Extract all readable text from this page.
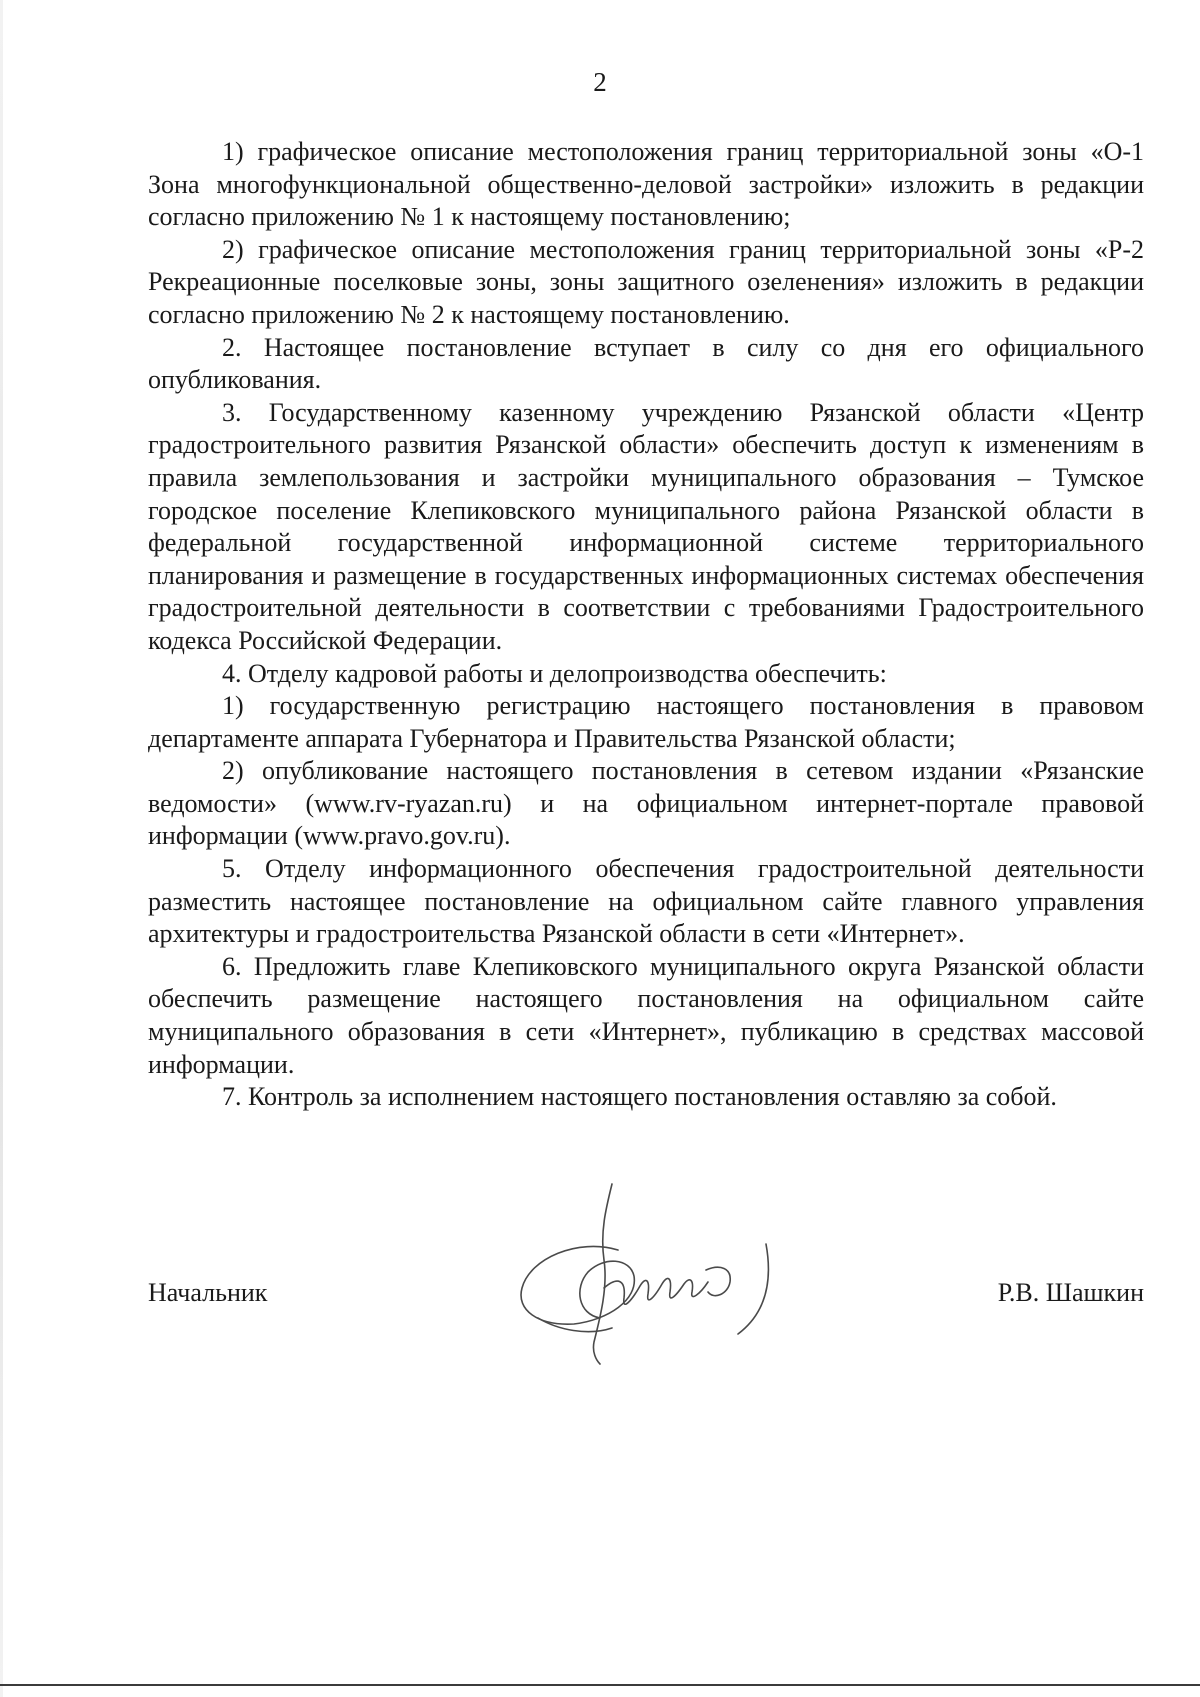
2

1) графическое описание местоположения границ территориальной зоны «О-1 Зона многофункциональной общественно-деловой застройки» изложить в редакции согласно приложению № 1 к настоящему постановлению;

2) графическое описание местоположения границ территориальной зоны «Р-2 Рекреационные поселковые зоны, зоны защитного озеленения» изложить в редакции согласно приложению № 2 к настоящему постановлению.

2. Настоящее постановление вступает в силу со дня его официального опубликования.

3. Государственному казенному учреждению Рязанской области «Центр градостроительного развития Рязанской области» обеспечить доступ к изменениям в правила землепользования и застройки муниципального образования – Тумское городское поселение Клепиковского муниципального района Рязанской области в федеральной государственной информационной системе территориального планирования и размещение в государственных информационных системах обеспечения градостроительной деятельности в соответствии с требованиями Градостроительного кодекса Российской Федерации.

4. Отделу кадровой работы и делопроизводства обеспечить:

1) государственную регистрацию настоящего постановления в правовом департаменте аппарата Губернатора и Правительства Рязанской области;

2) опубликование настоящего постановления в сетевом издании «Рязанские ведомости» (www.rv-ryazan.ru) и на официальном интернет-портале правовой информации (www.pravo.gov.ru).

5. Отделу информационного обеспечения градостроительной деятельности разместить настоящее постановление на официальном сайте главного управления архитектуры и градостроительства Рязанской области в сети «Интернет».

6. Предложить главе Клепиковского муниципального округа Рязанской области обеспечить размещение настоящего постановления на официальном сайте муниципального образования в сети «Интернет», публикацию в средствах массовой информации.

7. Контроль за исполнением настоящего постановления оставляю за собой.

Начальник	Р.В. Шашкин
